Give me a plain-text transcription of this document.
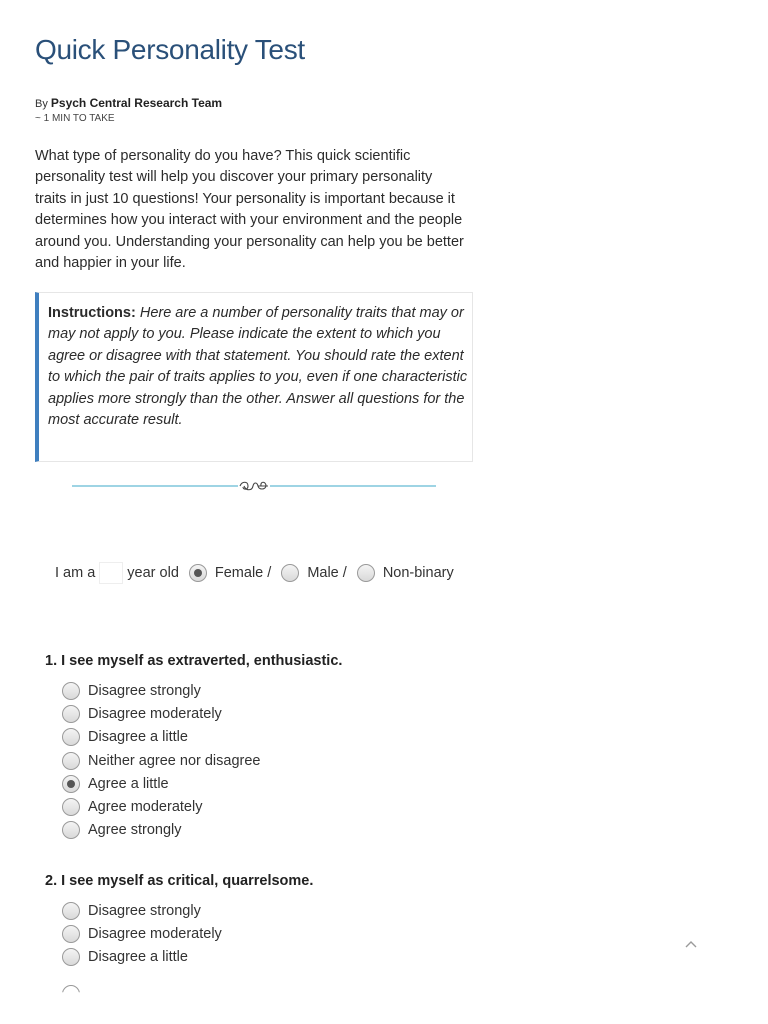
Quick Personality Test
By Psych Central Research Team
~ 1 MIN TO TAKE

What type of personality do you have? This quick scientific personality test will help you discover your primary personality traits in just 10 questions! Your personality is important because it determines how you interact with your environment and the people around you. Understanding your personality can help you be better and happier in your life.

Instructions: Here are a number of personality traits that may or may not apply to you. Please indicate the extent to which you agree or disagree with that statement. You should rate the extent to which the pair of traits applies to you, even if one characteristic applies more strongly than the other. Answer all questions for the most accurate result.
I am a year old Female / Male / Non-binary
1. I see myself as extraverted, enthusiastic.
Disagree strongly
Disagree moderately
Disagree a little
Neither agree nor disagree
Agree a little
Agree moderately
Agree strongly
2. I see myself as critical, quarrelsome.
Disagree strongly
Disagree moderately
Disagree a little
